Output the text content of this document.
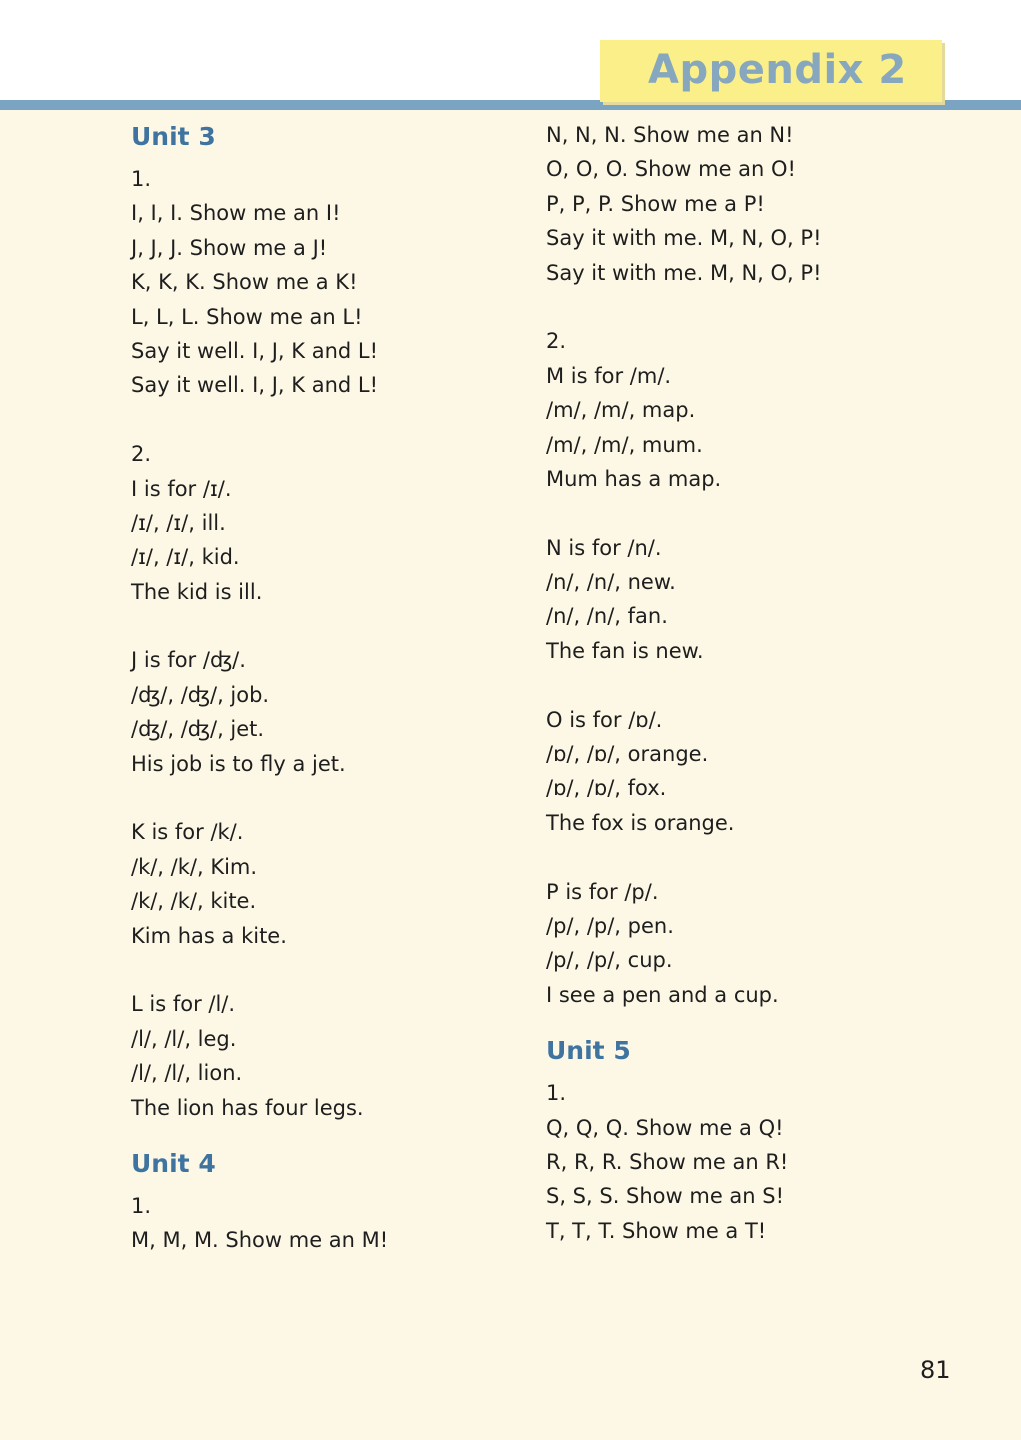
Appendix 2
Unit 3
1.
I, I, I. Show me an I!
J, J, J. Show me a J!
K, K, K. Show me a K!
L, L, L. Show me an L!
Say it well. I, J, K and L!
Say it well. I, J, K and L!
2.
I is for /ɪ/.
/ɪ/, /ɪ/, ill.
/ɪ/, /ɪ/, kid.
The kid is ill.
J is for /ʤ/.
/ʤ/, /ʤ/, job.
/ʤ/, /ʤ/, jet.
His job is to fly a jet.
K is for /k/.
/k/, /k/, Kim.
/k/, /k/, kite.
Kim has a kite.
L is for /l/.
/l/, /l/, leg.
/l/, /l/, lion.
The lion has four legs.
Unit 4
1.
M, M, M. Show me an M!
N, N, N. Show me an N!
O, O, O. Show me an O!
P, P, P. Show me a P!
Say it with me. M, N, O, P!
Say it with me. M, N, O, P!
2.
M is for /m/.
/m/, /m/, map.
/m/, /m/, mum.
Mum has a map.
N is for /n/.
/n/, /n/, new.
/n/, /n/, fan.
The fan is new.
O is for /ɒ/.
/ɒ/, /ɒ/, orange.
/ɒ/, /ɒ/, fox.
The fox is orange.
P is for /p/.
/p/, /p/, pen.
/p/, /p/, cup.
I see a pen and a cup.
Unit 5
1.
Q, Q, Q. Show me a Q!
R, R, R. Show me an R!
S, S, S. Show me an S!
T, T, T. Show me a T!
81
